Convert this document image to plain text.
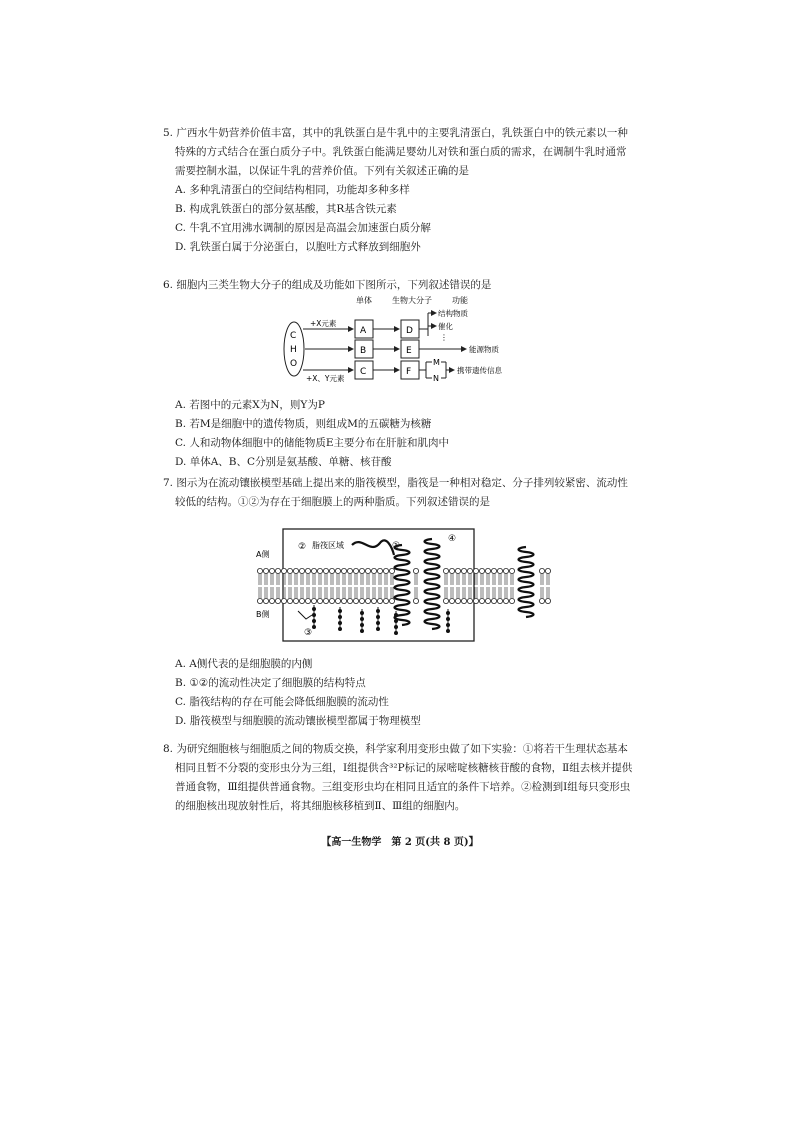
5. 广西水牛奶营养价值丰富，其中的乳铁蛋白是牛乳中的主要乳清蛋白，乳铁蛋白中的铁元素以一种特殊的方式结合在蛋白质分子中。乳铁蛋白能满足婴幼儿对铁和蛋白质的需求，在调制牛乳时通常需要控制水温，以保证牛乳的营养价值。下列有关叙述正确的是

A. 多种乳清蛋白的空间结构相同，功能却多种多样

B. 构成乳铁蛋白的部分氨基酸，其R基含铁元素

C. 牛乳不宜用沸水调制的原因是高温会加速蛋白质分解

D. 乳铁蛋白属于分泌蛋白，以胞吐方式释放到细胞外

6. 细胞内三类生物大分子的组成及功能如下图所示，下列叙述错误的是

单体	生物大分子	功能
C
H
O
+X元素
+X、Y元素
A
B
C
D
E
F
结构物质
催化
⋮
能源物质
M
N
携带遗传信息

A. 若图中的元素X为N，则Y为P

B. 若M是细胞中的遗传物质，则组成M的五碳糖为核糖

C. 人和动物体细胞中的储能物质E主要分布在肝脏和肌肉中

D. 单体A、B、C分别是氨基酸、单糖、核苷酸

7. 图示为在流动镶嵌模型基础上提出来的脂筏模型，脂筏是一种相对稳定、分子排列较紧密、流动性较低的结构。①②为存在于细胞膜上的两种脂质。下列叙述错误的是

A侧
B侧
② 脂筏区域	①
④
③

A. A侧代表的是细胞膜的内侧

B. ①②的流动性决定了细胞膜的结构特点

C. 脂筏结构的存在可能会降低细胞膜的流动性

D. 脂筏模型与细胞膜的流动镶嵌模型都属于物理模型

8. 为研究细胞核与细胞质之间的物质交换，科学家利用变形虫做了如下实验：①将若干生理状态基本相同且暂不分裂的变形虫分为三组，Ⅰ组提供含³²P标记的尿嘧啶核糖核苷酸的食物，Ⅱ组去核并提供普通食物，Ⅲ组提供普通食物。三组变形虫均在相同且适宜的条件下培养。②检测到Ⅰ组每只变形虫的细胞核出现放射性后，将其细胞核移植到Ⅱ、Ⅲ组的细胞内。

【高一生物学　第 2 页(共 8 页)】
